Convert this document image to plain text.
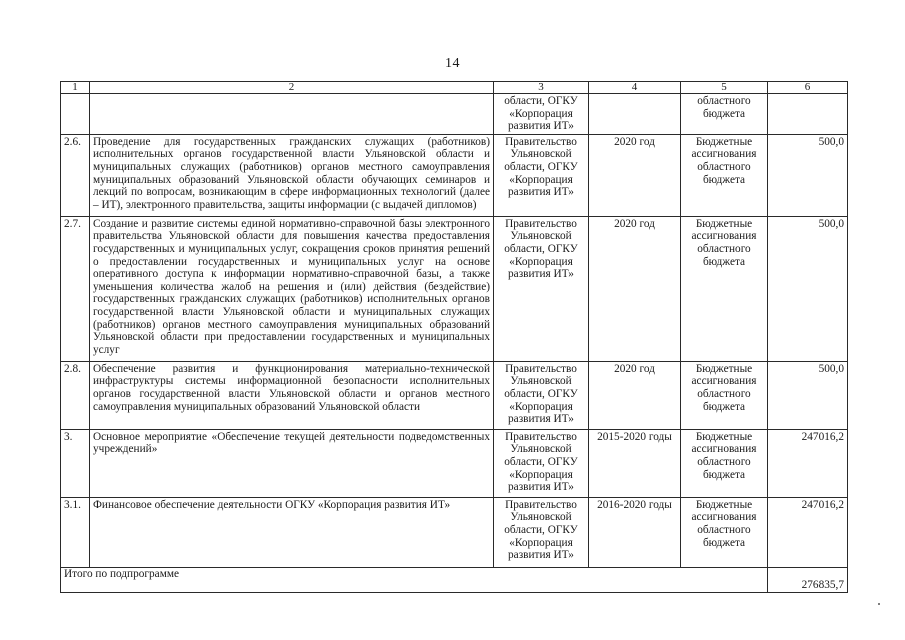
14
1	2	3	4	5	6
		области, ОГКУ «Корпорация развития ИТ»		областного бюджета	
2.6.	Проведение для государственных гражданских служащих (работников) исполнительных органов государственной власти Ульяновской области и муниципальных служащих (работников) органов местного самоуправления муниципальных образований Ульяновской области обучающих семинаров и лекций по вопросам, возникающим в сфере информационных технологий (далее – ИТ), электронного правительства, защиты информации (с выдачей дипломов)	Правительство Ульяновской области, ОГКУ «Корпорация развития ИТ»	2020 год	Бюджетные ассигнования областного бюджета	500,0
2.7.	Создание и развитие системы единой нормативно-справочной базы электронного правительства Ульяновской области для повышения качества предоставления государственных и муниципальных услуг, сокращения сроков принятия решений о предоставлении государственных и муниципальных услуг на основе оперативного доступа к информации нормативно-справочной базы, а также уменьшения количества жалоб на решения и (или) действия (бездействие) государственных гражданских служащих (работников) исполнительных органов государственной власти Ульяновской области и муниципальных служащих (работников) органов местного самоуправления муниципальных образований Ульяновской области при предоставлении государственных и муниципальных услуг	Правительство Ульяновской области, ОГКУ «Корпорация развития ИТ»	2020 год	Бюджетные ассигнования областного бюджета	500,0
2.8.	Обеспечение развития и функционирования материально-технической инфраструктуры системы информационной безопасности исполнительных органов государственной власти Ульяновской области и органов местного самоуправления муниципальных образований Ульяновской области	Правительство Ульяновской области, ОГКУ «Корпорация развития ИТ»	2020 год	Бюджетные ассигнования областного бюджета	500,0
3.	Основное мероприятие «Обеспечение текущей деятельности подведомственных учреждений»	Правительство Ульяновской области, ОГКУ «Корпорация развития ИТ»	2015-2020 годы	Бюджетные ассигнования областного бюджета	247016,2
3.1.	Финансовое обеспечение деятельности ОГКУ «Корпорация развития ИТ»	Правительство Ульяновской области, ОГКУ «Корпорация развития ИТ»	2016-2020 годы	Бюджетные ассигнования областного бюджета	247016,2

Итого по подпрограмме					276835,7
